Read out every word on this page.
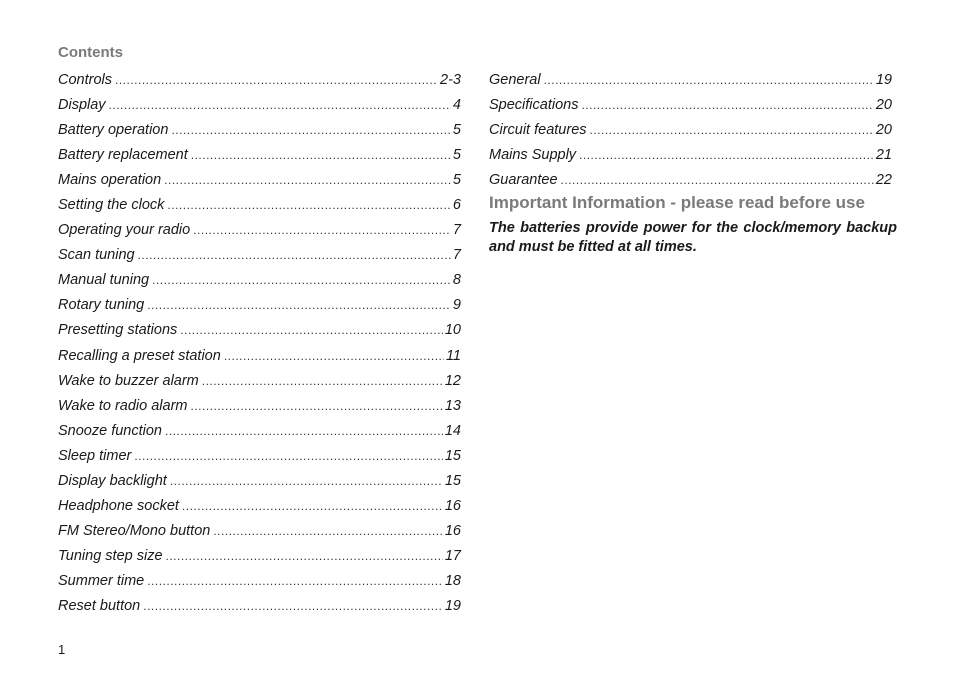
Contents
Controls .....	2-3
Display .....	4
Battery operation .....	5
Battery replacement .....	5
Mains operation .....	5
Setting the clock .....	6
Operating your radio .....	7
Scan tuning .....	7
Manual tuning .....	8
Rotary tuning .....	9
Presetting stations .....	10
Recalling a preset station .....	11
Wake to buzzer alarm .....	12
Wake to radio alarm .....	13
Snooze function .....	14
Sleep timer .....	15
Display backlight .....	15
Headphone socket .....	16
FM Stereo/Mono button .....	16
Tuning step size .....	17
Summer time .....	18
Reset button .....	19
General .....	19
Specifications .....	20
Circuit features .....	20
Mains Supply .....	21
Guarantee .....	22
Important Information - please read before use
The batteries provide power for the clock/memory backup and must be fitted at all times.
1
